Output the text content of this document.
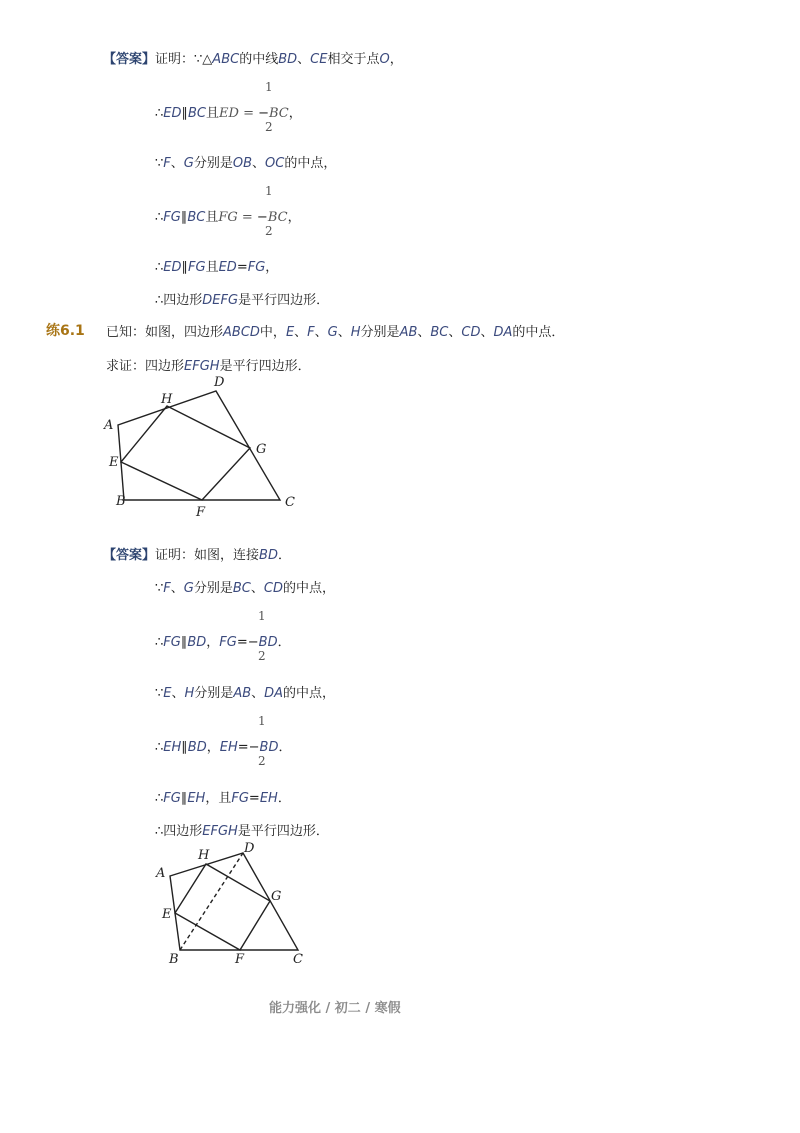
【答案】证明：∵△ABC的中线BD、CE相交于点O，
1
∴ED∥BC且ED = −BC，
2
∵F、G分别是OB、OC的中点，
1
∴FG∥BC且FG = −BC，
2
∴ED∥FG且ED=FG，
∴四边形DEFG是平行四边形．
练6.1 已知：如图，四边形ABCD中，E、F、G、H分别是AB、BC、CD、DA的中点．
求证：四边形EFGH是平行四边形．
A
B	C
D
E
F
G
H
【答案】证明：如图，连接BD．
∵F、G分别是BC、CD的中点，
1
∴FG∥BD，FG=−BD．
2
∵E、H分别是AB、DA的中点，
1
∴EH∥BD，EH=−BD．
2
∴FG∥EH，且FG=EH．
∴四边形EFGH是平行四边形．
A
B	C
D
E
F
G
H
能力强化 / 初二 / 寒假
